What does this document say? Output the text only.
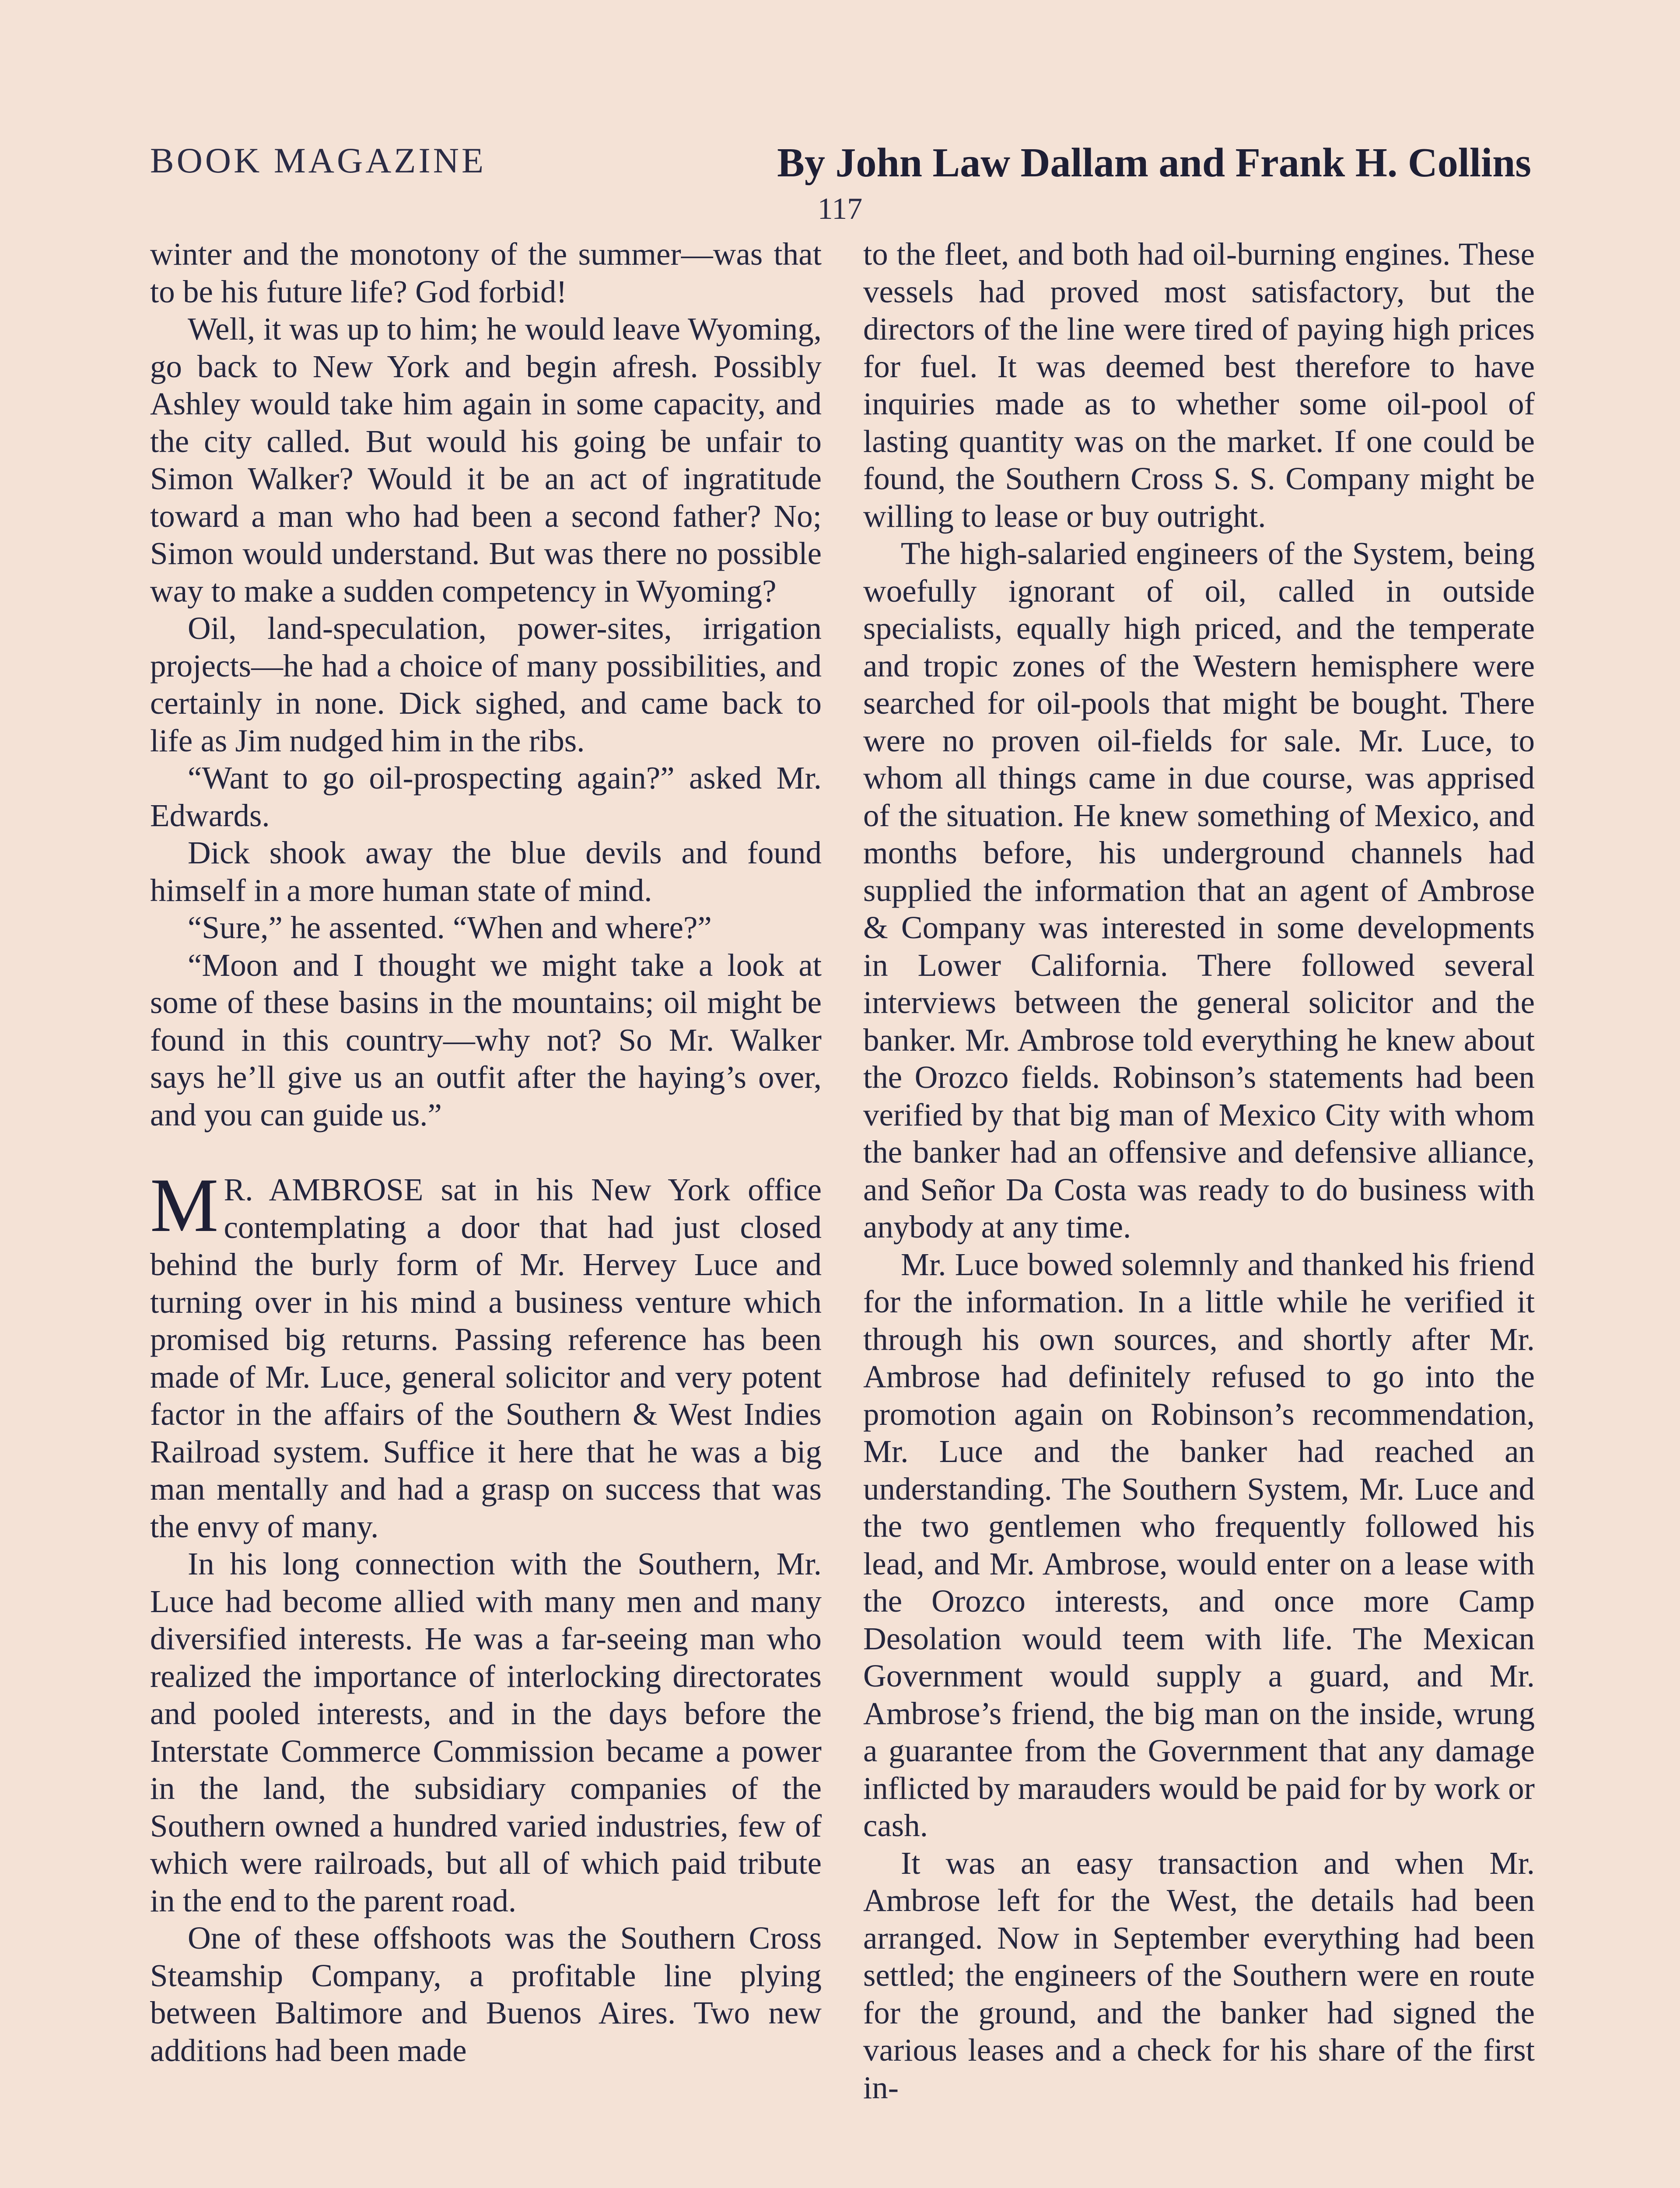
BOOK MAGAZINE	By John Law Dallam and Frank H. Collins
117

winter and the monotony of the summer—was that to be his future life? God forbid!

Well, it was up to him; he would leave Wyoming, go back to New York and begin afresh. Possibly Ashley would take him again in some capacity, and the city called. But would his going be unfair to Simon Walker? Would it be an act of ingratitude toward a man who had been a second father? No; Simon would understand. But was there no possible way to make a sudden competency in Wyoming?

Oil, land-speculation, power-sites, irrigation projects—he had a choice of many possibilities, and certainly in none. Dick sighed, and came back to life as Jim nudged him in the ribs.

“Want to go oil-prospecting again?” asked Mr. Edwards.

Dick shook away the blue devils and found himself in a more human state of mind.

“Sure,” he assented. “When and where?”

“Moon and I thought we might take a look at some of these basins in the mountains; oil might be found in this country—why not? So Mr. Walker says he’ll give us an outfit after the haying’s over, and you can guide us.”

M R. AMBROSE sat in his New York office contemplating a door that had just closed behind the burly form of Mr. Hervey Luce and turning over in his mind a business venture which promised big returns. Passing reference has been made of Mr. Luce, general solicitor and very potent factor in the affairs of the Southern & West Indies Railroad system. Suffice it here that he was a big man mentally and had a grasp on success that was the envy of many.

In his long connection with the Southern, Mr. Luce had become allied with many men and many diversified interests. He was a far-seeing man who realized the importance of interlocking directorates and pooled interests, and in the days before the Interstate Commerce Commission became a power in the land, the subsidiary companies of the Southern owned a hundred varied industries, few of which were railroads, but all of which paid tribute in the end to the parent road.

One of these offshoots was the Southern Cross Steamship Company, a profitable line plying between Baltimore and Buenos Aires. Two new additions had been made

to the fleet, and both had oil-burning engines. These vessels had proved most satisfactory, but the directors of the line were tired of paying high prices for fuel. It was deemed best therefore to have inquiries made as to whether some oil-pool of lasting quantity was on the market. If one could be found, the Southern Cross S. S. Company might be willing to lease or buy outright.

The high-salaried engineers of the System, being woefully ignorant of oil, called in outside specialists, equally high priced, and the temperate and tropic zones of the Western hemisphere were searched for oil-pools that might be bought. There were no proven oil-fields for sale. Mr. Luce, to whom all things came in due course, was apprised of the situation. He knew something of Mexico, and months before, his underground channels had supplied the information that an agent of Ambrose & Company was interested in some developments in Lower California. There followed several interviews between the general solicitor and the banker. Mr. Ambrose told everything he knew about the Orozco fields. Robinson’s statements had been verified by that big man of Mexico City with whom the banker had an offensive and defensive alliance, and Señor Da Costa was ready to do business with anybody at any time.

Mr. Luce bowed solemnly and thanked his friend for the information. In a little while he verified it through his own sources, and shortly after Mr. Ambrose had definitely refused to go into the promotion again on Robinson’s recommendation, Mr. Luce and the banker had reached an understanding. The Southern System, Mr. Luce and the two gentlemen who frequently followed his lead, and Mr. Ambrose, would enter on a lease with the Orozco interests, and once more Camp Desolation would teem with life. The Mexican Government would supply a guard, and Mr. Ambrose’s friend, the big man on the inside, wrung a guarantee from the Government that any damage inflicted by marauders would be paid for by work or cash.

It was an easy transaction and when Mr. Ambrose left for the West, the details had been arranged. Now in September everything had been settled; the engineers of the Southern were en route for the ground, and the banker had signed the various leases and a check for his share of the first in-
